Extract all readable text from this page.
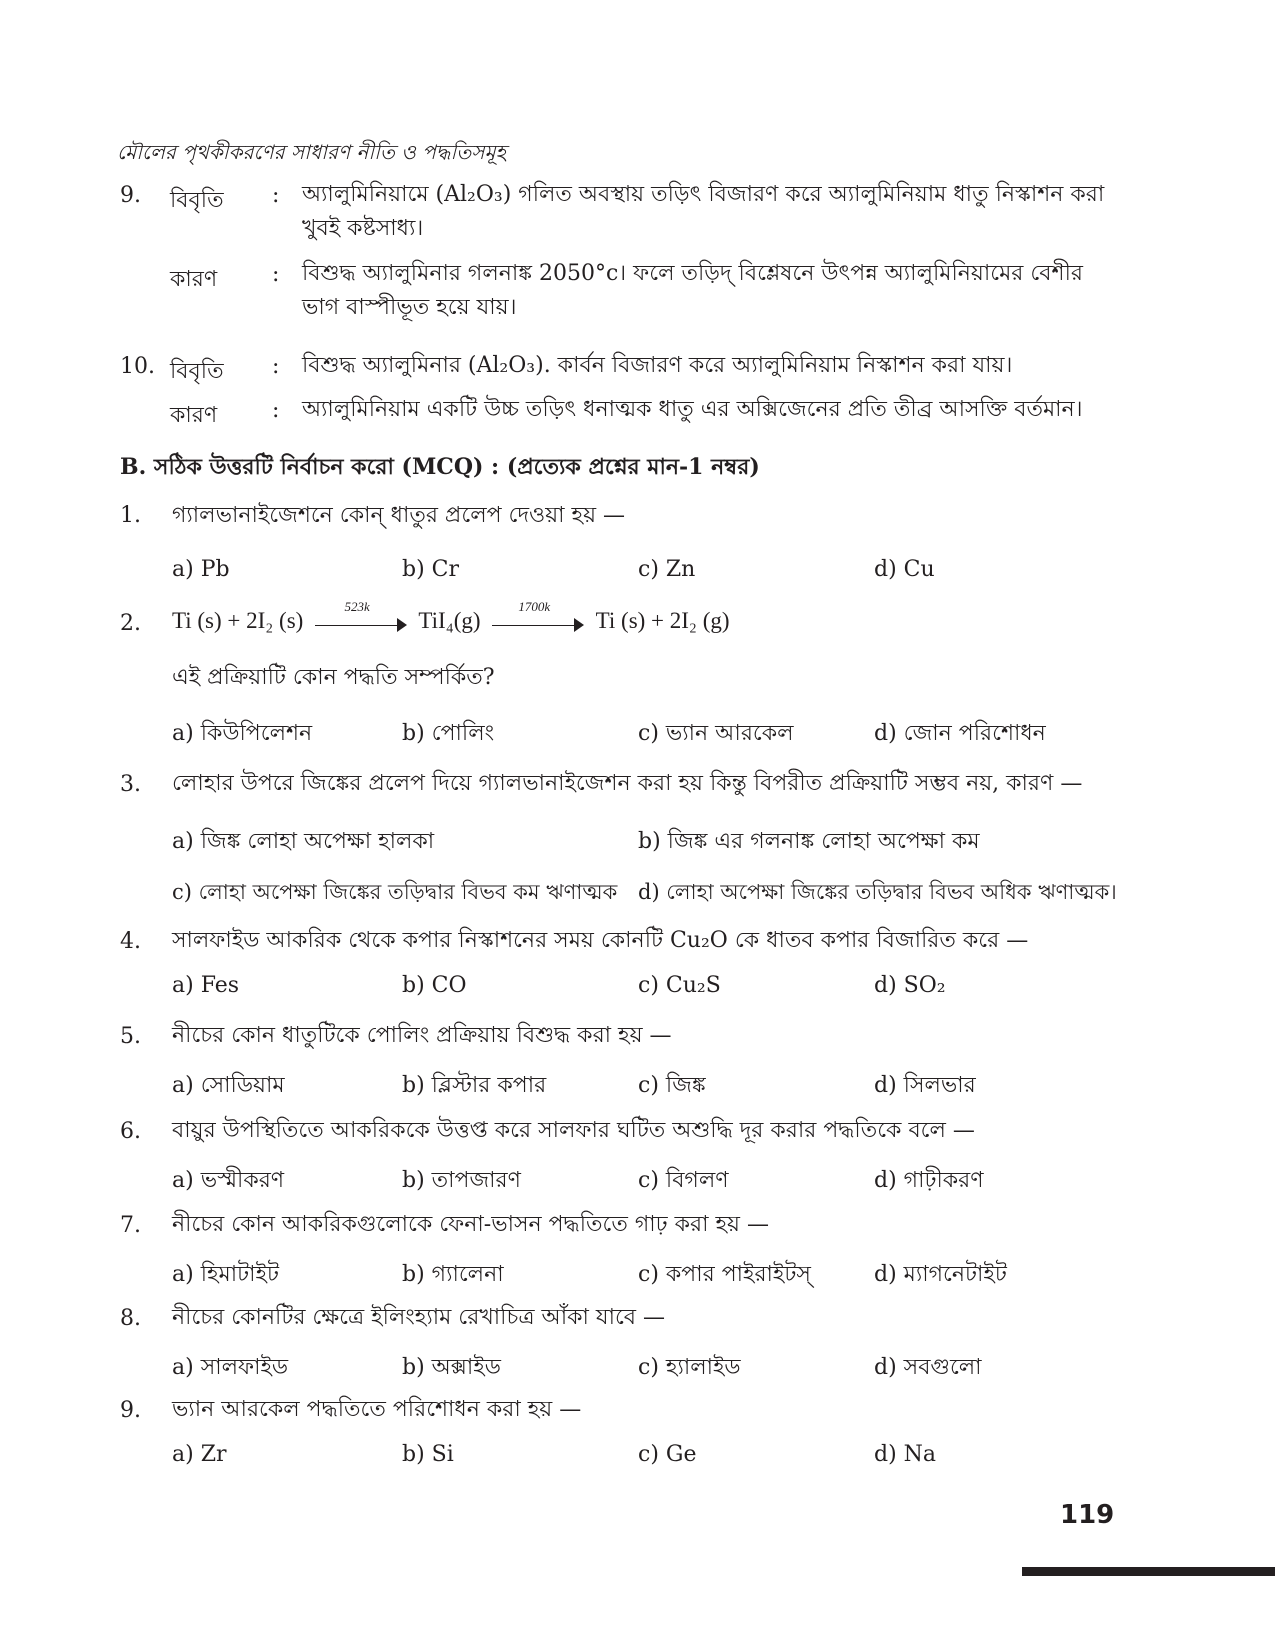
মৌলের পৃথকীকরণের সাধারণ নীতি ও পদ্ধতিসমূহ
9.	বিবৃতি	: অ্যালুমিনিয়ামে (Al₂O₃) গলিত অবস্থায় তড়িৎ বিজারণ করে অ্যালুমিনিয়াম ধাতু নিস্কাশন করা খুবই কষ্টসাধ্য।
কারণ	: বিশুদ্ধ অ্যালুমিনার গলনাঙ্ক 2050°c। ফলে তড়িদ্ বিশ্লেষনে উৎপন্ন অ্যালুমিনিয়ামের বেশীর ভাগ বাস্পীভূত হয়ে যায়।
10. বিবৃতি	: বিশুদ্ধ অ্যালুমিনার (Al₂O₃). কার্বন বিজারণ করে অ্যালুমিনিয়াম নিস্কাশন করা যায়।
কারণ	: অ্যালুমিনিয়াম একটি উচ্চ তড়িৎ ধনাত্মক ধাতু এর অক্সিজেনের প্রতি তীব্র আসক্তি বর্তমান।
B. সঠিক উত্তরটি নির্বাচন করো (MCQ) : (প্রত্যেক প্রশ্নের মান-1 নম্বর)
1.	গ্যালভানাইজেশনে কোন্ ধাতুর প্রলেপ দেওয়া হয় —
a) Pb	b) Cr	c) Zn	d) Cu
2.	Ti (s) + 2I₂ (s)
523k
TiI₄(g)
1700k
Ti (s) + 2I₂ (g)
এই প্রক্রিয়াটি কোন পদ্ধতি সম্পর্কিত?
a) কিউপিলেশন	b) পোলিং	c) ভ্যান আরকেল	d) জোন পরিশোধন
3.	লোহার উপরে জিঙ্কের প্রলেপ দিয়ে গ্যালভানাইজেশন করা হয় কিন্তু বিপরীত প্রক্রিয়াটি সম্ভব নয়, কারণ —
a) জিঙ্ক লোহা অপেক্ষা হালকা	b) জিঙ্ক এর গলনাঙ্ক লোহা অপেক্ষা কম
c) লোহা অপেক্ষা জিঙ্কের তড়িদ্বার বিভব কম ঋণাত্মক d) লোহা অপেক্ষা জিঙ্কের তড়িদ্বার বিভব অধিক ঋণাত্মক।
4.	সালফাইড আকরিক থেকে কপার নিস্কাশনের সময় কোনটি Cu₂O কে ধাতব কপার বিজারিত করে —
a) Fes	b) CO	c) Cu₂S	d) SO₂
5.	নীচের কোন ধাতুটিকে পোলিং প্রক্রিয়ায় বিশুদ্ধ করা হয় —
a) সোডিয়াম	b) ব্লিস্টার কপার	c) জিঙ্ক	d) সিলভার
6.	বায়ুর উপস্থিতিতে আকরিককে উত্তপ্ত করে সালফার ঘটিত অশুদ্ধি দূর করার পদ্ধতিকে বলে —
a) ভস্মীকরণ	b) তাপজারণ	c) বিগলণ	d) গাঢ়ীকরণ
7.	নীচের কোন আকরিকগুলোকে ফেনা-ভাসন পদ্ধতিতে গাঢ় করা হয় —
a) হিমাটাইট	b) গ্যালেনা	c) কপার পাইরাইটস্	d) ম্যাগনেটাইট
8.	নীচের কোনটির ক্ষেত্রে ইলিংহ্যাম রেখাচিত্র আঁকা যাবে —
a) সালফাইড	b) অক্সাইড	c) হ্যালাইড	d) সবগুলো
9.	ভ্যান আরকেল পদ্ধতিতে পরিশোধন করা হয় —
a) Zr	b) Si	c) Ge	d) Na
119
